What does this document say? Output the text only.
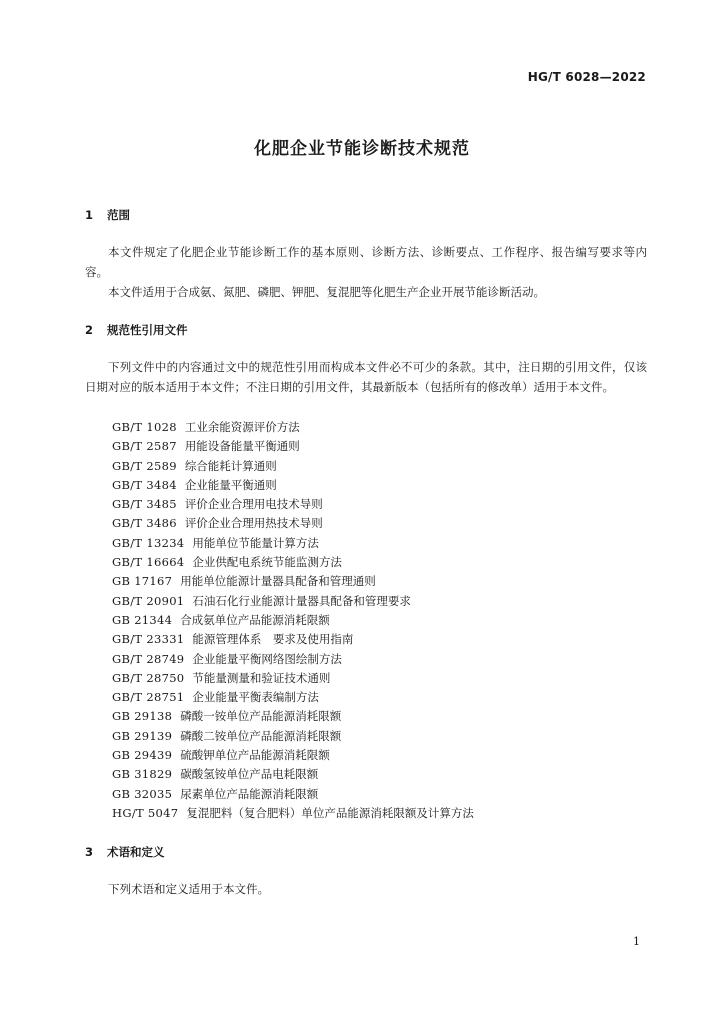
HG/T 6028—2022
化肥企业节能诊断技术规范
1 范围

本文件规定了化肥企业节能诊断工作的基本原则、诊断方法、诊断要点、工作程序、报告编写要求等内容。

本文件适用于合成氨、氮肥、磷肥、钾肥、复混肥等化肥生产企业开展节能诊断活动。

2 规范性引用文件

下列文件中的内容通过文中的规范性引用而构成本文件必不可少的条款。其中，注日期的引用文件，仅该日期对应的版本适用于本文件；不注日期的引用文件，其最新版本（包括所有的修改单）适用于本文件。

GB/T 1028 工业余能资源评价方法
GB/T 2587 用能设备能量平衡通则
GB/T 2589 综合能耗计算通则
GB/T 3484 企业能量平衡通则
GB/T 3485 评价企业合理用电技术导则
GB/T 3486 评价企业合理用热技术导则
GB/T 13234 用能单位节能量计算方法
GB/T 16664 企业供配电系统节能监测方法
GB 17167 用能单位能源计量器具配备和管理通则
GB/T 20901 石油石化行业能源计量器具配备和管理要求
GB 21344 合成氨单位产品能源消耗限额
GB/T 23331 能源管理体系　要求及使用指南
GB/T 28749 企业能量平衡网络图绘制方法
GB/T 28750 节能量测量和验证技术通则
GB/T 28751 企业能量平衡表编制方法
GB 29138 磷酸一铵单位产品能源消耗限额
GB 29139 磷酸二铵单位产品能源消耗限额
GB 29439 硫酸钾单位产品能源消耗限额
GB 31829 碳酸氢铵单位产品电耗限额
GB 32035 尿素单位产品能源消耗限额
HG/T 5047 复混肥料（复合肥料）单位产品能源消耗限额及计算方法
3 术语和定义

下列术语和定义适用于本文件。

1
